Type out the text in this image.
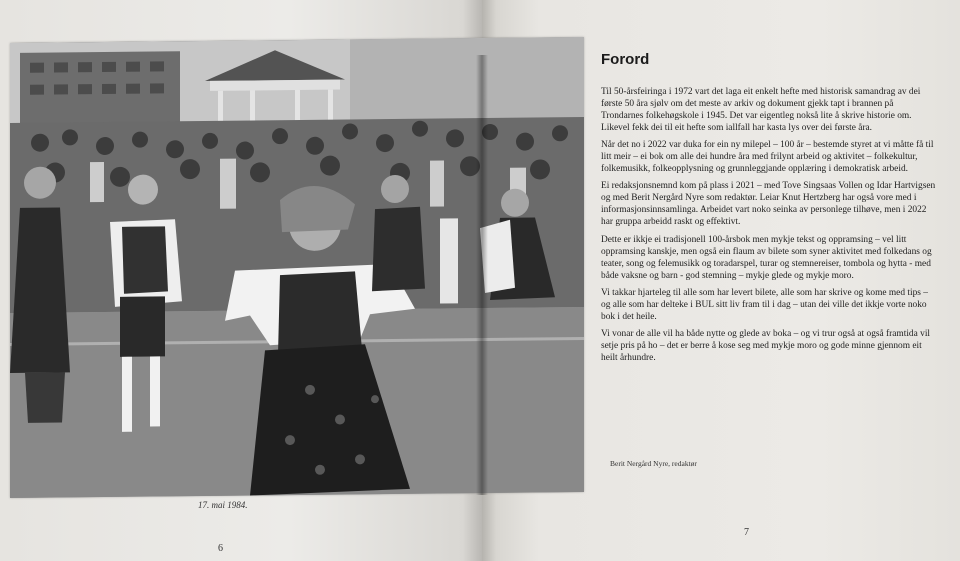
17. mai 1984.
6
Forord

Til 50-årsfeiringa i 1972 vart det laga eit enkelt hefte med historisk samandrag av dei første 50 åra sjølv om det meste av arkiv og dokument gjekk tapt i brannen på Trondarnes folkehøgskole i 1945. Det var eigentleg nokså lite å skrive historie om. Likevel fekk dei til eit hefte som iallfall har kasta lys over dei første åra.

Når det no i 2022 var duka for ein ny milepel – 100 år – bestemde styret at vi måtte få til litt meir – ei bok om alle dei hundre åra med frilynt arbeid og aktivitet – folkekultur, folkemusikk, folkeopplysning og grunnleggjande opplæring i demokratisk arbeid.

Ei redaksjonsnemnd kom på plass i 2021 – med Tove Singsaas Vollen og Idar Hartvigsen og med Berit Nergård Nyre som redaktør. Leiar Knut Hertzberg har også vore med i informasjonsinnsamlinga. Arbeidet vart noko seinka av personlege tilhøve, men i 2022 har gruppa arbeidd raskt og effektivt.

Dette er ikkje ei tradisjonell 100-årsbok men mykje tekst og oppramsing – vel litt oppramsing kanskje, men også ein flaum av bilete som syner aktivitet med folkedans og teater, song og felemusikk og toradarspel, turar og stemnereiser, tombola og hytta - med både vaksne og barn - god stemning – mykje glede og mykje moro.

Vi takkar hjarteleg til alle som har levert bilete, alle som har skrive og kome med tips – og alle som har delteke i BUL sitt liv fram til i dag – utan dei ville det ikkje vorte noko bok i det heile.

Vi vonar de alle vil ha både nytte og glede av boka – og vi trur også at også framtida vil setje pris på ho – det er berre å kose seg med mykje moro og gode minne gjennom eit heilt århundre.

Berit Nergård Nyre, redaktør
7
